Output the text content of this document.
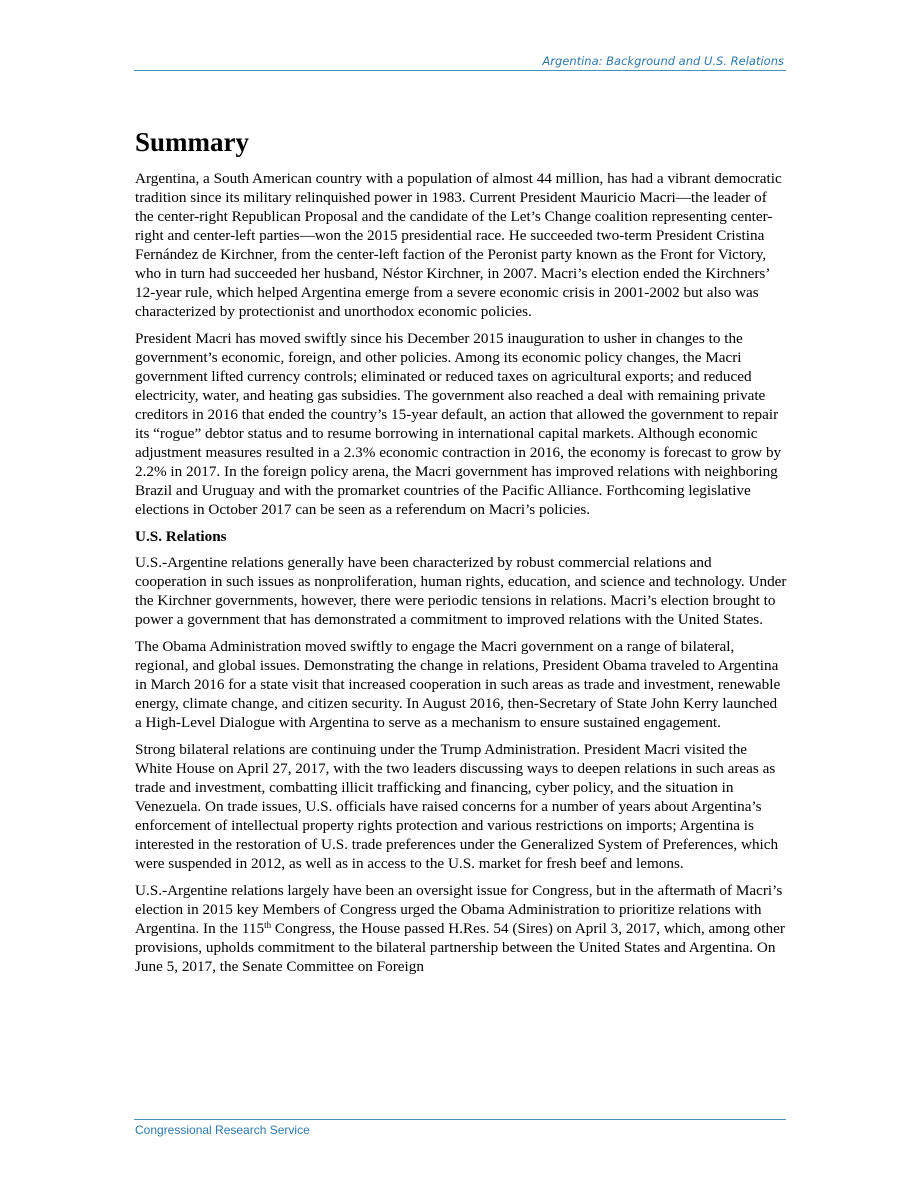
Argentina: Background and U.S. Relations
Summary

Argentina, a South American country with a population of almost 44 million, has had a vibrant democratic tradition since its military relinquished power in 1983. Current President Mauricio Macri—the leader of the center-right Republican Proposal and the candidate of the Let’s Change coalition representing center-right and center-left parties—won the 2015 presidential race. He succeeded two-term President Cristina Fernández de Kirchner, from the center-left faction of the Peronist party known as the Front for Victory, who in turn had succeeded her husband, Néstor Kirchner, in 2007. Macri’s election ended the Kirchners’ 12-year rule, which helped Argentina emerge from a severe economic crisis in 2001-2002 but also was characterized by protectionist and unorthodox economic policies.

President Macri has moved swiftly since his December 2015 inauguration to usher in changes to the government’s economic, foreign, and other policies. Among its economic policy changes, the Macri government lifted currency controls; eliminated or reduced taxes on agricultural exports; and reduced electricity, water, and heating gas subsidies. The government also reached a deal with remaining private creditors in 2016 that ended the country’s 15-year default, an action that allowed the government to repair its “rogue” debtor status and to resume borrowing in international capital markets. Although economic adjustment measures resulted in a 2.3% economic contraction in 2016, the economy is forecast to grow by 2.2% in 2017. In the foreign policy arena, the Macri government has improved relations with neighboring Brazil and Uruguay and with the promarket countries of the Pacific Alliance. Forthcoming legislative elections in October 2017 can be seen as a referendum on Macri’s policies.

U.S. Relations

U.S.-Argentine relations generally have been characterized by robust commercial relations and cooperation in such issues as nonproliferation, human rights, education, and science and technology. Under the Kirchner governments, however, there were periodic tensions in relations. Macri’s election brought to power a government that has demonstrated a commitment to improved relations with the United States.

The Obama Administration moved swiftly to engage the Macri government on a range of bilateral, regional, and global issues. Demonstrating the change in relations, President Obama traveled to Argentina in March 2016 for a state visit that increased cooperation in such areas as trade and investment, renewable energy, climate change, and citizen security. In August 2016, then-Secretary of State John Kerry launched a High-Level Dialogue with Argentina to serve as a mechanism to ensure sustained engagement.

Strong bilateral relations are continuing under the Trump Administration. President Macri visited the White House on April 27, 2017, with the two leaders discussing ways to deepen relations in such areas as trade and investment, combatting illicit trafficking and financing, cyber policy, and the situation in Venezuela. On trade issues, U.S. officials have raised concerns for a number of years about Argentina’s enforcement of intellectual property rights protection and various restrictions on imports; Argentina is interested in the restoration of U.S. trade preferences under the Generalized System of Preferences, which were suspended in 2012, as well as in access to the U.S. market for fresh beef and lemons.

U.S.-Argentine relations largely have been an oversight issue for Congress, but in the aftermath of Macri’s election in 2015 key Members of Congress urged the Obama Administration to prioritize relations with Argentina. In the 115th Congress, the House passed H.Res. 54 (Sires) on April 3, 2017, which, among other provisions, upholds commitment to the bilateral partnership between the United States and Argentina. On June 5, 2017, the Senate Committee on Foreign

Congressional Research Service
